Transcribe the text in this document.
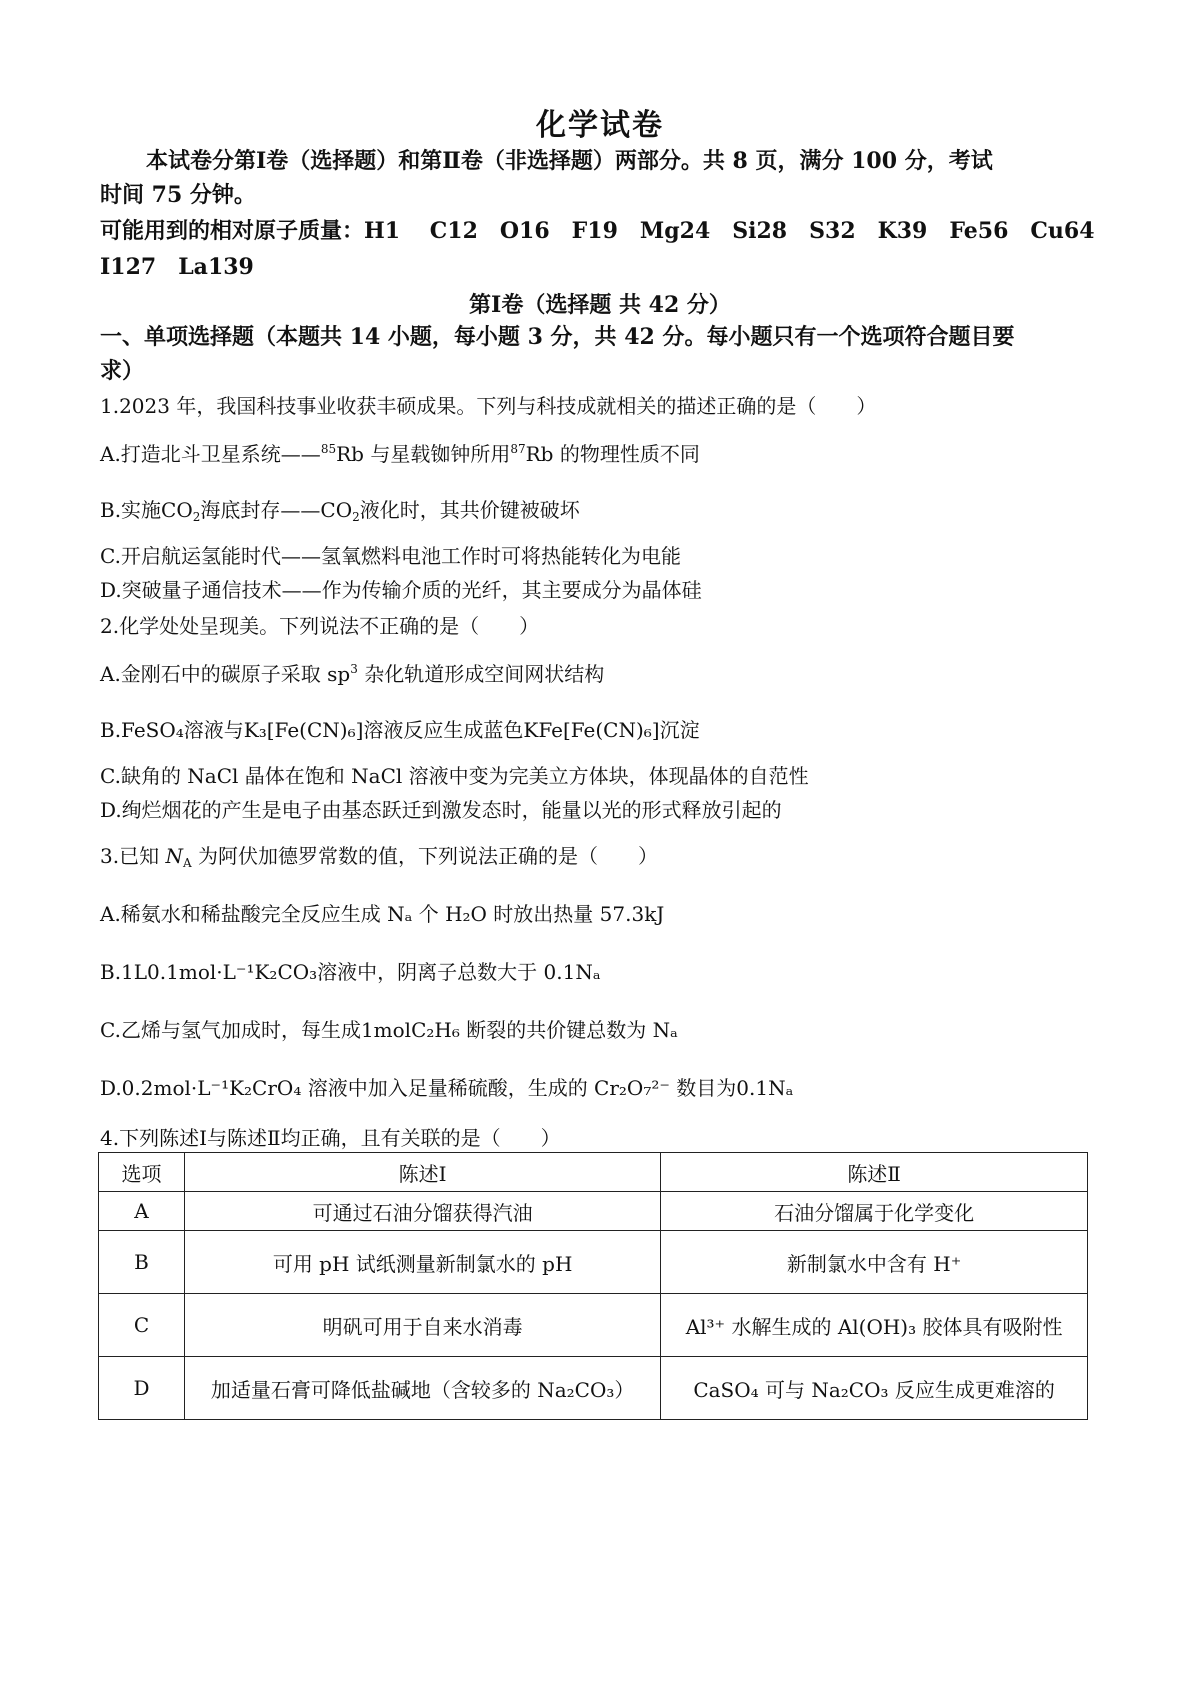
化学试卷
本试卷分第Ⅰ卷（选择题）和第Ⅱ卷（非选择题）两部分。共 8 页，满分 100 分，考试
时间 75 分钟。
可能用到的相对原子质量：H1　 C12　O16　F19　Mg24　Si28　S32　K39　Fe56　Cu64
I127　La139
第Ⅰ卷（选择题 共 42 分）
一、单项选择题（本题共 14 小题，每小题 3 分，共 42 分。每小题只有一个选项符合题目要
求）
1.2023 年，我国科技事业收获丰硕成果。下列与科技成就相关的描述正确的是（　　）
A.打造北斗卫星系统——$^{85}$Rb 与星载铷钟所用$^{87}$Rb 的物理性质不同
B.实施$CO_2$海底封存$——CO_2$液化时，其共价键被破坏
C.开启航运氢能时代——氢氧燃料电池工作时可将热能转化为电能
D.突破量子通信技术——作为传输介质的光纤，其主要成分为晶体硅
2.化学处处呈现美。下列说法不正确的是（　　）
A.金刚石中的碳原子采取 $sp^3$ 杂化轨道形成空间网状结构
B.FeSO₄溶液与K₃[Fe(CN)₆]溶液反应生成蓝色KFe[Fe(CN)₆]沉淀
C.缺角的 NaCl 晶体在饱和 NaCl 溶液中变为完美立方体块，体现晶体的自范性
D.绚烂烟花的产生是电子由基态跃迁到激发态时，能量以光的形式释放引起的
3.已知 $N_A$ 为阿伏加德罗常数的值，下列说法正确的是（　　）
A.稀氨水和稀盐酸完全反应生成 Nₐ 个 H₂O 时放出热量 57.3kJ
B.1L0.1mol·L⁻¹K₂CO₃溶液中，阴离子总数大于 0.1Nₐ
C.乙烯与氢气加成时，每生成1molC₂H₆ 断裂的共价键总数为 Nₐ
D.0.2mol·L⁻¹K₂CrO₄ 溶液中加入足量稀硫酸，生成的 Cr₂O₇²⁻ 数目为0.1Nₐ
4.下列陈述Ⅰ与陈述Ⅱ均正确，且有关联的是（　　）
选项	陈述Ⅰ	陈述Ⅱ
A	可通过石油分馏获得汽油	石油分馏属于化学变化
B	可用 pH 试纸测量新制氯水的 pH	新制氯水中含有 H⁺
C	明矾可用于自来水消毒	Al³⁺ 水解生成的 Al(OH)₃ 胶体具有吸附性
D	加适量石膏可降低盐碱地（含较多的 Na₂CO₃）	CaSO₄ 可与 Na₂CO₃ 反应生成更难溶的
